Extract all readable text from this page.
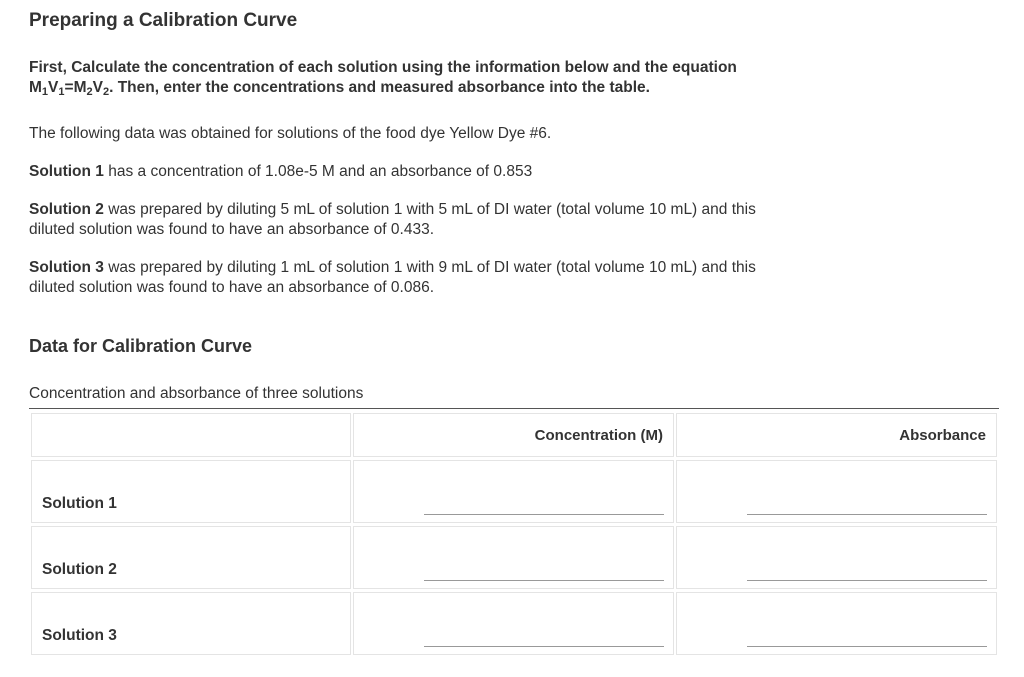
Preparing a Calibration Curve

First, Calculate the concentration of each solution using the information below and the equation
$M_1V_1=M_2V_2$. Then, enter the concentrations and measured absorbance into the table.

The following data was obtained for solutions of the food dye Yellow Dye #6.

Solution 1 has a concentration of 1.08e-5 M and an absorbance of 0.853

Solution 2 was prepared by diluting 5 mL of solution 1 with 5 mL of DI water (total volume 10 mL) and this diluted solution was found to have an absorbance of 0.433.

Solution 3 was prepared by diluting 1 mL of solution 1 with 9 mL of DI water (total volume 10 mL) and this diluted solution was found to have an absorbance of 0.086.

Data for Calibration Curve

Concentration and absorbance of three solutions

Concentration (M)	Absorbance
Solution 1
Solution 2
Solution 3
